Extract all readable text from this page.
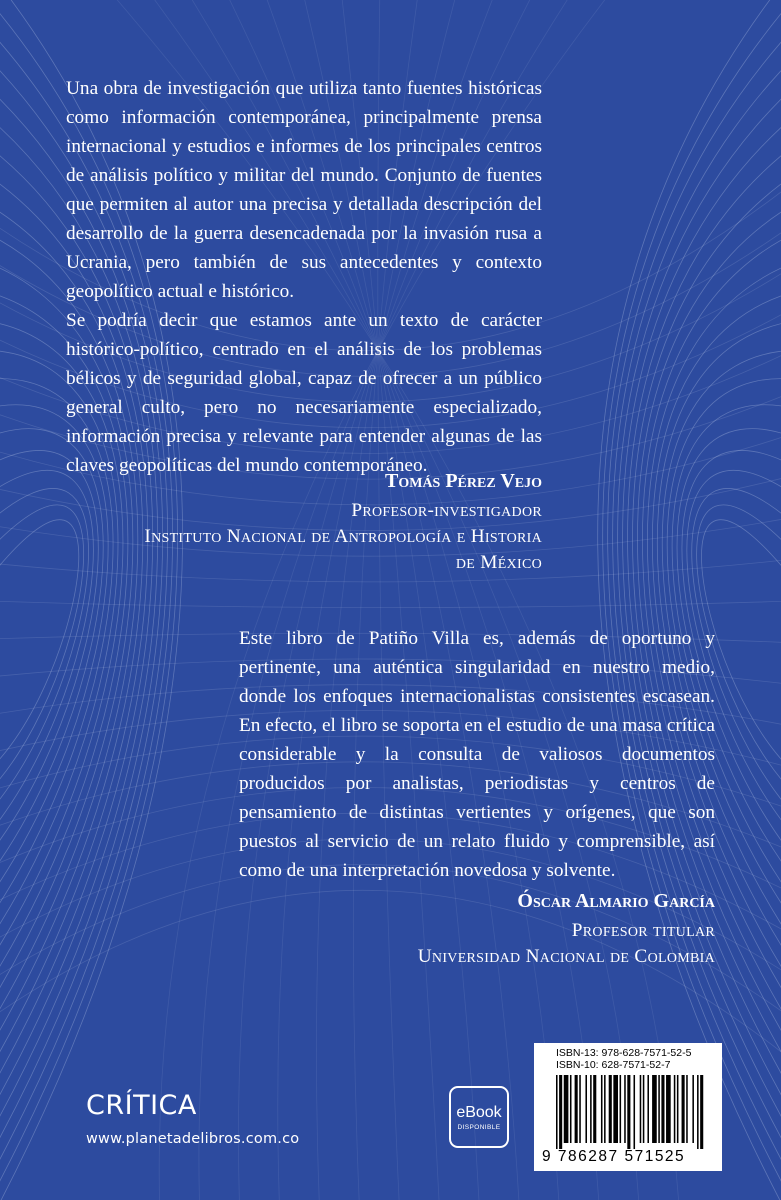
Una obra de investigación que utiliza tanto fuentes históricas como información contemporánea, principalmente prensa internacional y estudios e informes de los principales centros de análisis político y militar del mundo. Conjunto de fuentes que permiten al autor una precisa y detallada descripción del desarrollo de la guerra desencadenada por la invasión rusa a Ucrania, pero también de sus antecedentes y contexto geopolítico actual e histórico.

Se podría decir que estamos ante un texto de carácter histórico-político, centrado en el análisis de los problemas bélicos y de seguridad global, capaz de ofrecer a un público general culto, pero no necesariamente especializado, información precisa y relevante para entender algunas de las claves geopolíticas del mundo contemporáneo.

Tomás Pérez Vejo
Profesor-investigador
Instituto Nacional de Antropología e Historia
de México

Este libro de Patiño Villa es, además de oportuno y pertinente, una auténtica singularidad en nuestro medio, donde los enfoques internacionalistas consistentes escasean. En efecto, el libro se soporta en el estudio de una masa crítica considerable y la consulta de valiosos documentos producidos por analistas, periodistas y centros de pensamiento de distintas vertientes y orígenes, que son puestos al servicio de un relato fluido y comprensible, así como de una interpretación novedosa y solvente.

Óscar Almario García
Profesor titular
Universidad Nacional de Colombia
CRÍTICA
www.planetadelibros.com.co
eBook
DISPONIBLE
ISBN-13: 978-628-7571-52-5
ISBN-10: 628-7571-52-7
9 786287 571525
